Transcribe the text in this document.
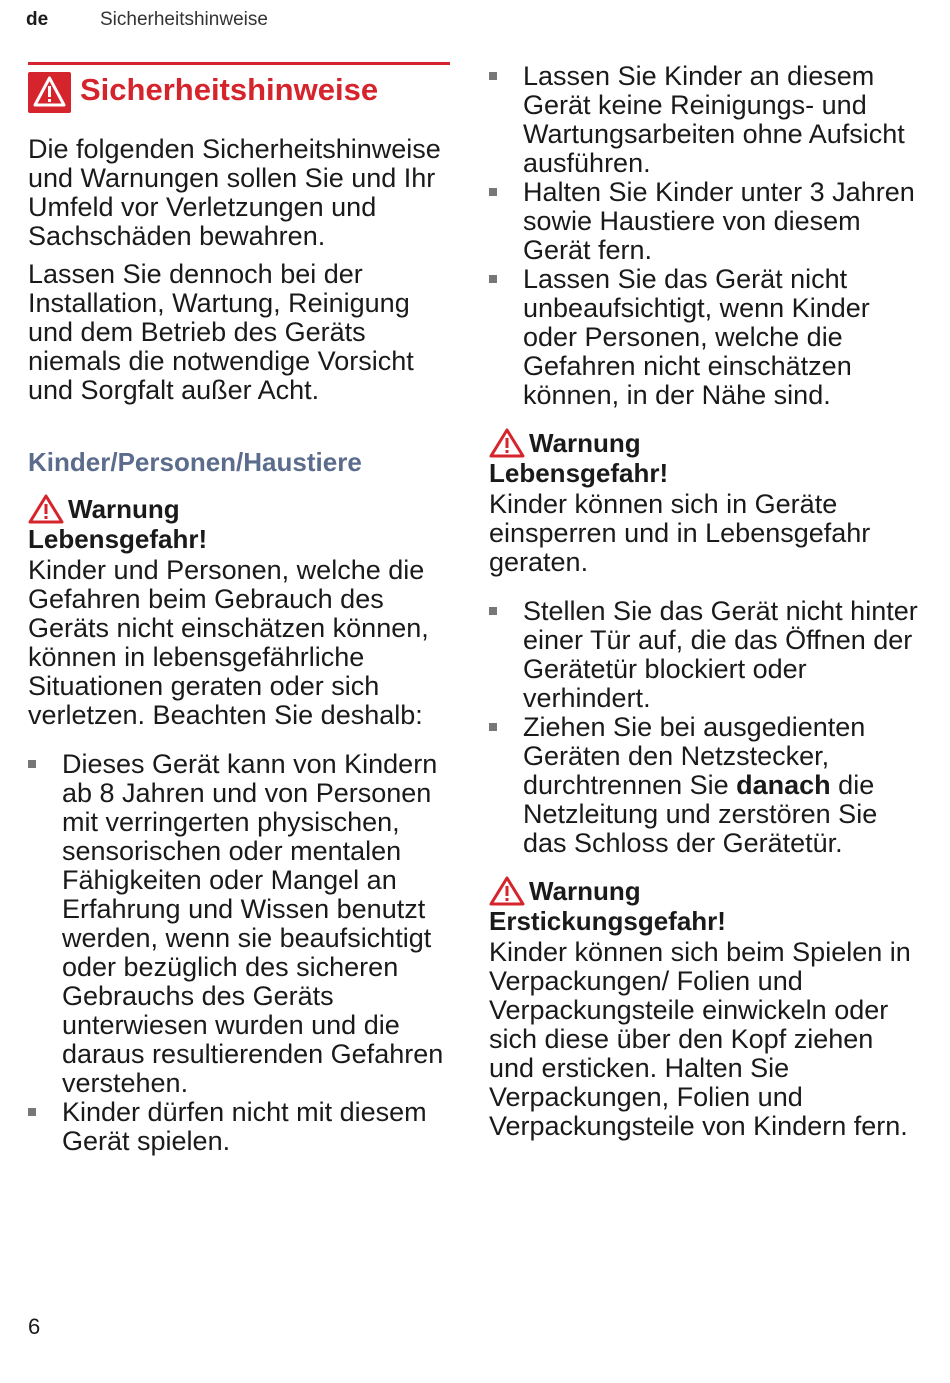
de	Sicherheitshinweise
Sicherheitshinweise

Die folgenden Sicherheitshinweise und Warnungen sollen Sie und Ihr Umfeld vor Verletzungen und Sachschäden bewahren.

Lassen Sie dennoch bei der Installation, Wartung, Reinigung und dem Betrieb des Geräts niemals die notwendige Vorsicht und Sorgfalt außer Acht.

Kinder/Personen/Haustiere
Warnung
Lebensgefahr!

Kinder und Personen, welche die Gefahren beim Gebrauch des Geräts nicht einschätzen können, können in lebensgefährliche Situationen geraten oder sich verletzen. Beachten Sie deshalb:

Dieses Gerät kann von Kindern ab 8 Jahren und von Personen mit verringerten physischen, sensorischen oder mentalen Fähigkeiten oder Mangel an Erfahrung und Wissen benutzt werden, wenn sie beaufsichtigt oder bezüglich des sicheren Gebrauchs des Geräts unterwiesen wurden und die daraus resultierenden Gefahren verstehen.
Kinder dürfen nicht mit diesem Gerät spielen.
Lassen Sie Kinder an diesem Gerät keine Reinigungs- und Wartungsarbeiten ohne Aufsicht ausführen.
Halten Sie Kinder unter 3 Jahren sowie Haustiere von diesem Gerät fern.
Lassen Sie das Gerät nicht unbeaufsichtigt, wenn Kinder oder Personen, welche die Gefahren nicht einschätzen können, in der Nähe sind.
Warnung
Lebensgefahr!

Kinder können sich in Geräte einsperren und in Lebensgefahr geraten.

Stellen Sie das Gerät nicht hinter einer Tür auf, die das Öffnen der Gerätetür blockiert oder verhindert.
Ziehen Sie bei ausgedienten Geräten den Netzstecker, durchtrennen Sie danach die Netzleitung und zerstören Sie das Schloss der Gerätetür.
Warnung
Erstickungsgefahr!

Kinder können sich beim Spielen in Verpackungen/ Folien und Verpackungsteile einwickeln oder sich diese über den Kopf ziehen und ersticken. Halten Sie Verpackungen, Folien und Verpackungsteile von Kindern fern.

6
